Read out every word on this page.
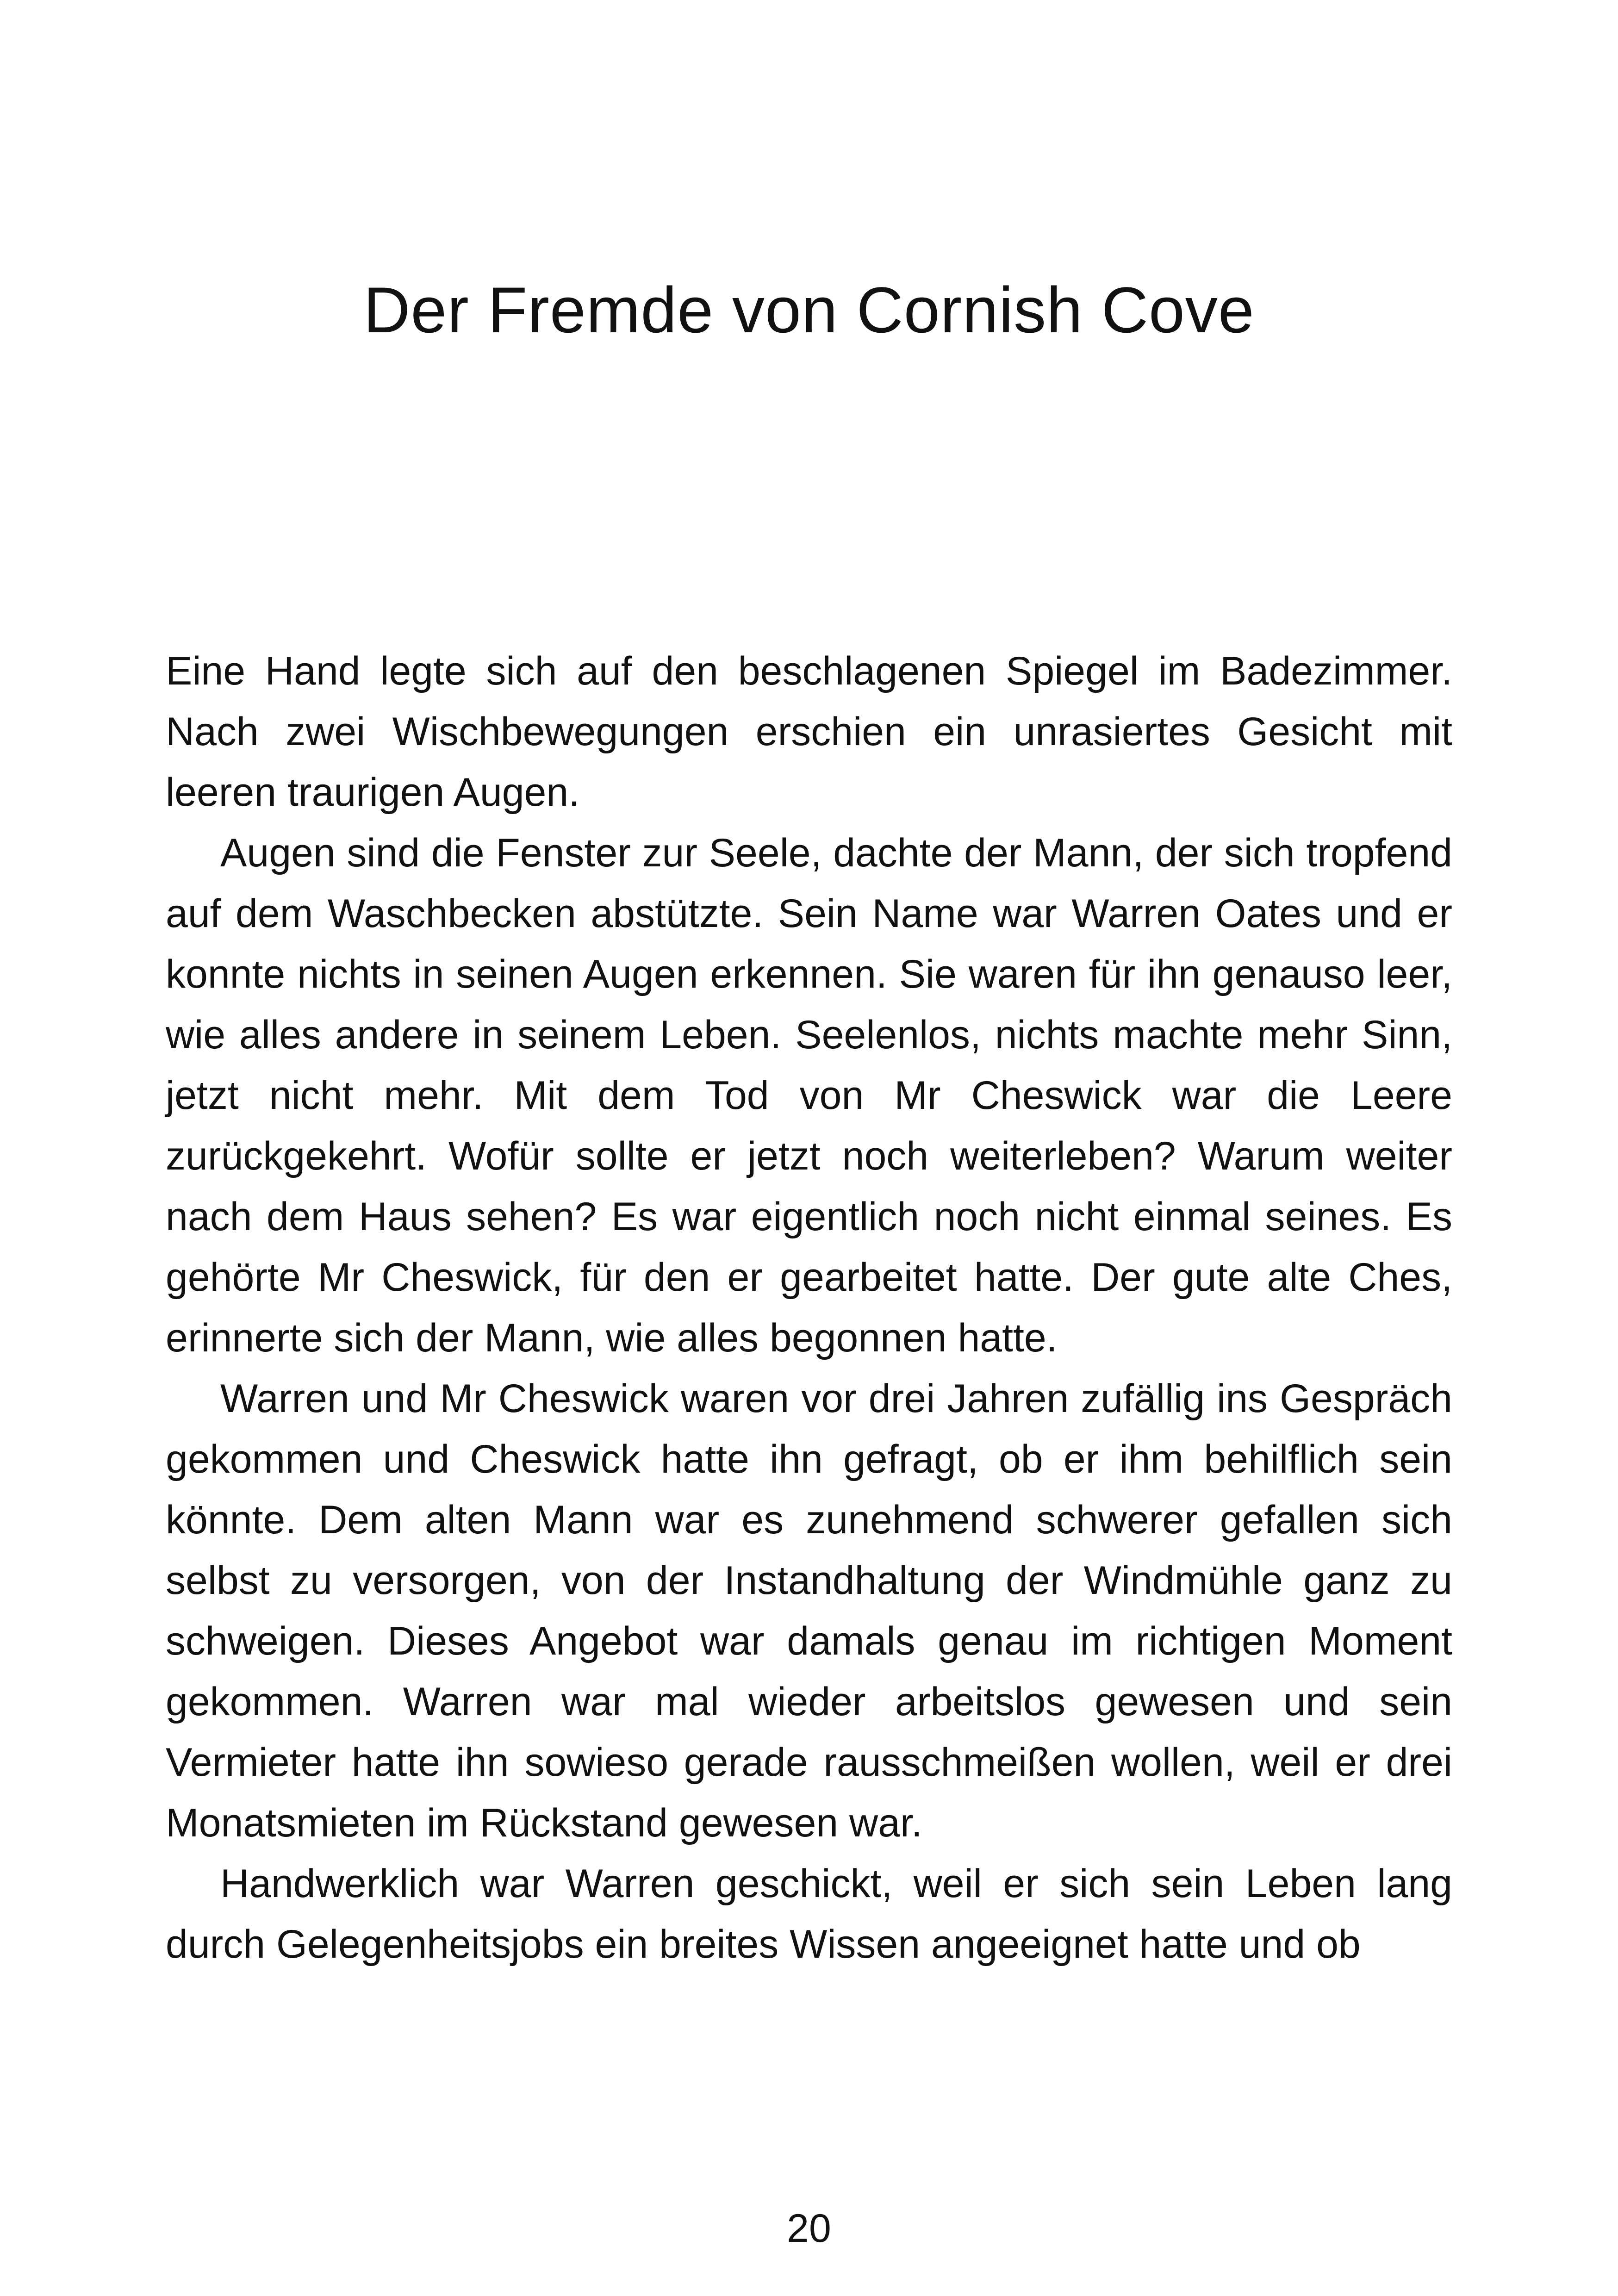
Der Fremde von Cornish Cove

Eine Hand legte sich auf den beschlagenen Spiegel im Badezimmer. Nach zwei Wischbewegungen erschien ein unrasiertes Gesicht mit leeren traurigen Augen.

Augen sind die Fenster zur Seele, dachte der Mann, der sich tropfend auf dem Waschbecken abstützte. Sein Name war Warren Oates und er konnte nichts in seinen Augen erkennen. Sie waren für ihn genauso leer, wie alles andere in seinem Leben. Seelenlos, nichts machte mehr Sinn, jetzt nicht mehr. Mit dem Tod von Mr Cheswick war die Leere zurückgekehrt. Wofür sollte er jetzt noch weiterleben? Warum weiter nach dem Haus sehen? Es war eigentlich noch nicht einmal seines. Es gehörte Mr Cheswick, für den er gearbeitet hatte. Der gute alte Ches, erinnerte sich der Mann, wie alles begonnen hatte.

Warren und Mr Cheswick waren vor drei Jahren zufällig ins Gespräch gekommen und Cheswick hatte ihn gefragt, ob er ihm behilflich sein könnte. Dem alten Mann war es zunehmend schwerer gefallen sich selbst zu versorgen, von der Instandhaltung der Windmühle ganz zu schweigen. Dieses Angebot war damals genau im richtigen Moment gekommen. Warren war mal wieder arbeitslos gewesen und sein Vermieter hatte ihn sowieso gerade rausschmeißen wollen, weil er drei Monatsmieten im Rückstand gewesen war.

Handwerklich war Warren geschickt, weil er sich sein Leben lang durch Gelegenheitsjobs ein breites Wissen angeeignet hatte und ob

20
